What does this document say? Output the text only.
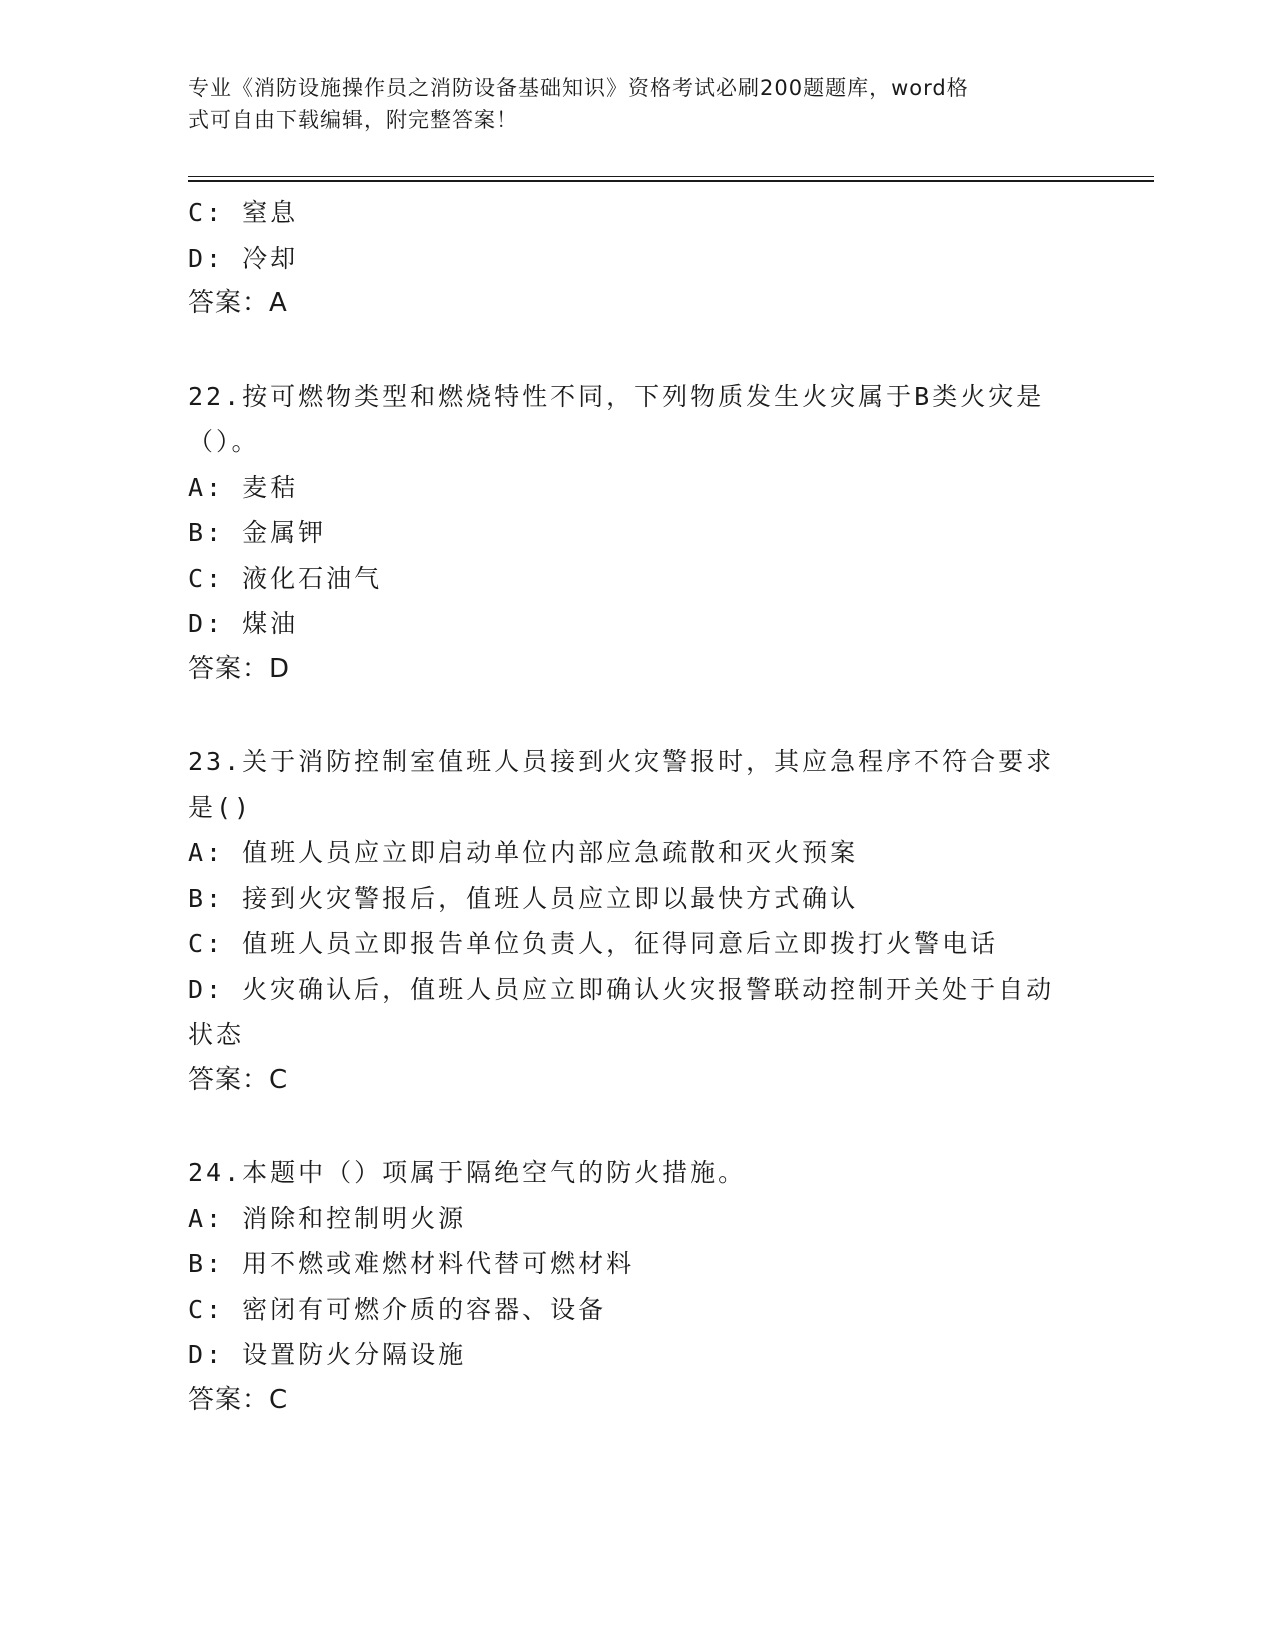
专业《消防设施操作员之消防设备基础知识》资格考试必刷200题题库，word格
式可自由下载编辑，附完整答案！
C: 窒息
D: 冷却
答案：A
22.按可燃物类型和燃烧特性不同，下列物质发生火灾属于B类火灾是
（）。
A: 麦秸
B: 金属钾
C: 液化石油气
D: 煤油
答案：D
23.关于消防控制室值班人员接到火灾警报时，其应急程序不符合要求
是()
A: 值班人员应立即启动单位内部应急疏散和灭火预案
B: 接到火灾警报后，值班人员应立即以最快方式确认
C: 值班人员立即报告单位负责人，征得同意后立即拨打火警电话
D: 火灾确认后，值班人员应立即确认火灾报警联动控制开关处于自动
状态
答案：C
24.本题中（）项属于隔绝空气的防火措施。
A: 消除和控制明火源
B: 用不燃或难燃材料代替可燃材料
C: 密闭有可燃介质的容器、设备
D: 设置防火分隔设施
答案：C
